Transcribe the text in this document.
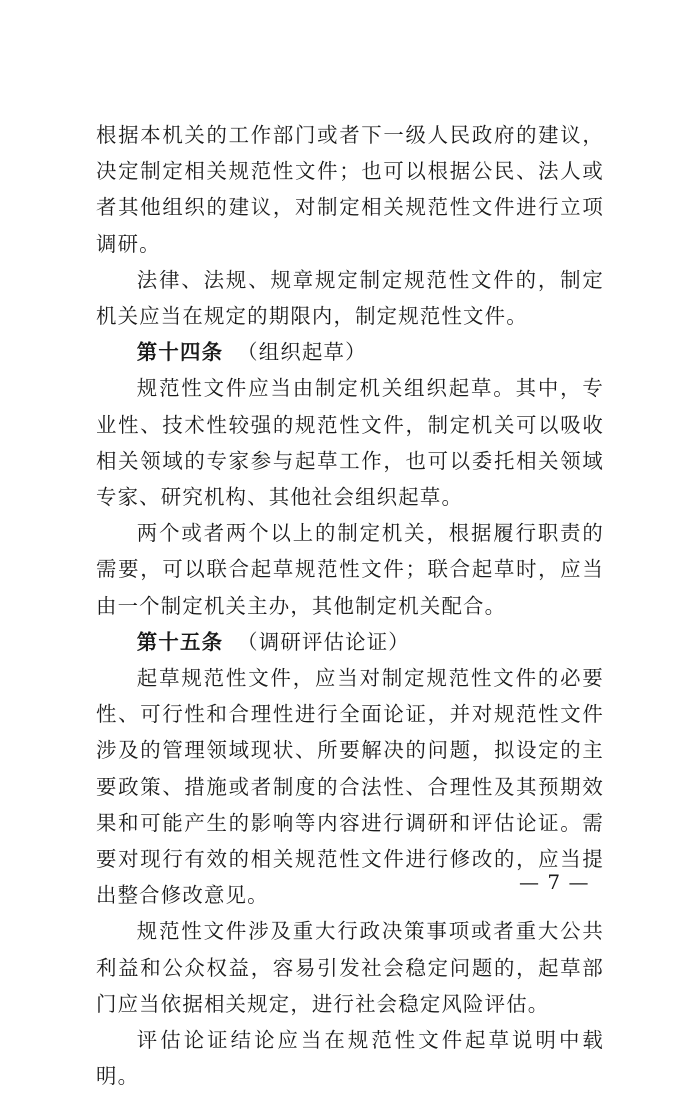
根据本机关的工作部门或者下一级人民政府的建议，决定制定相关规范性文件；也可以根据公民、法人或者其他组织的建议，对制定相关规范性文件进行立项调研。

法律、法规、规章规定制定规范性文件的，制定机关应当在规定的期限内，制定规范性文件。

第十四条 （组织起草）

规范性文件应当由制定机关组织起草。其中，专业性、技术性较强的规范性文件，制定机关可以吸收相关领域的专家参与起草工作，也可以委托相关领域专家、研究机构、其他社会组织起草。

两个或者两个以上的制定机关，根据履行职责的需要，可以联合起草规范性文件；联合起草时，应当由一个制定机关主办，其他制定机关配合。

第十五条 （调研评估论证）

起草规范性文件，应当对制定规范性文件的必要性、可行性和合理性进行全面论证，并对规范性文件涉及的管理领域现状、所要解决的问题，拟设定的主要政策、措施或者制度的合法性、合理性及其预期效果和可能产生的影响等内容进行调研和评估论证。需要对现行有效的相关规范性文件进行修改的，应当提出整合修改意见。

规范性文件涉及重大行政决策事项或者重大公共利益和公众权益，容易引发社会稳定问题的，起草部门应当依据相关规定，进行社会稳定风险评估。

评估论证结论应当在规范性文件起草说明中载明。

— 7 —
